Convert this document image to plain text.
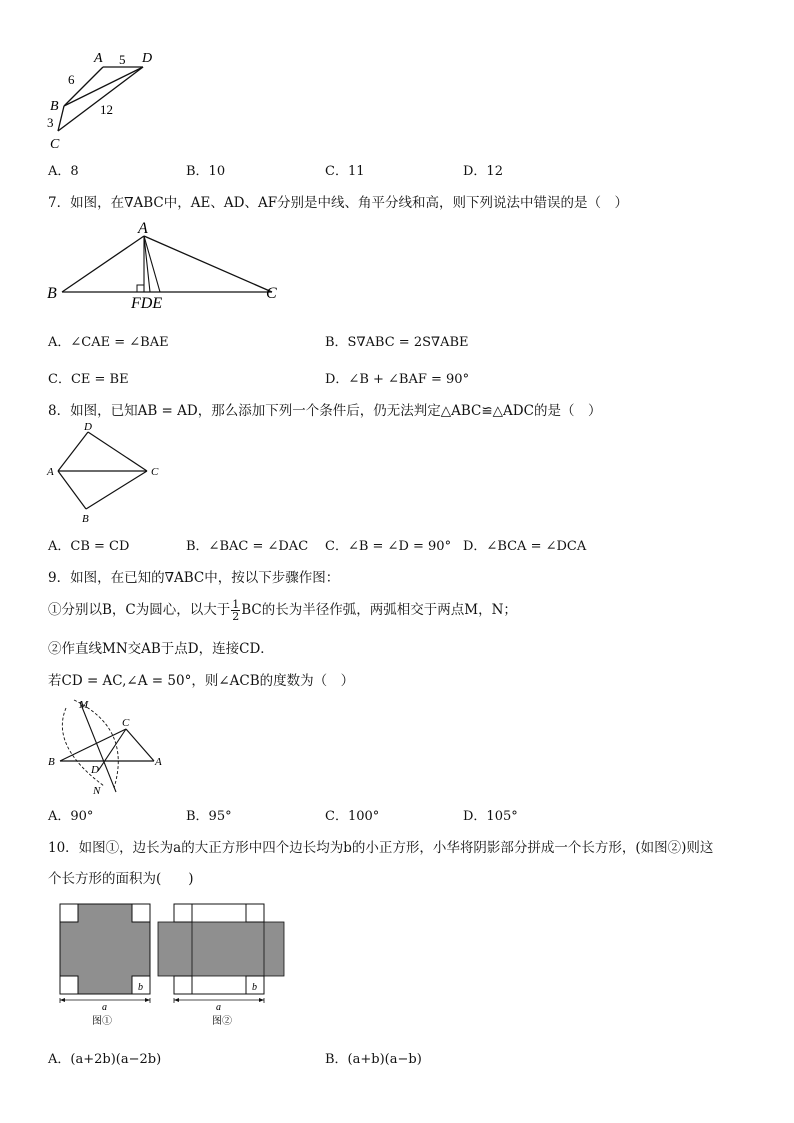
A	D
5
6
B
3
12
C
A．8	B．10	C．11	D．12
7．如图，在∇ABC中，AE、AD、AF分别是中线、角平分线和高，则下列说法中错误的是（　）
A
B	C
FDE
A．∠CAE = ∠BAE	B．S∇ABC = 2S∇ABE
C．CE = BE	D．∠B + ∠BAF = 90°
8．如图，已知AB = AD，那么添加下列一个条件后，仍无法判定△ABC≌△ADC的是（　）
D
A	C
B
A．CB = CD	B．∠BAC = ∠DAC C．∠B = ∠D = 90° D．∠BCA = ∠DCA
9．如图，在已知的∇ABC中，按以下步骤作图：
①分别以B，C为圆心，以大于 $\frac{1}{2}$ BC的长为半径作弧，两弧相交于两点M，N；
②作直线MN交AB于点D，连接CD．
若CD = AC,∠A = 50°，则∠ACB的度数为（　）
M
C
B	A
D
N
A．90°	B．95°	C．100°	D．105°
10．如图①，边长为a的大正方形中四个边长均为b的小正方形，小华将阴影部分拼成一个长方形，(如图②)则这
个长方形的面积为(　　)
b
a
图①
b
a
图②
A．(a+2b)(a−2b)	B．(a+b)(a−b)
